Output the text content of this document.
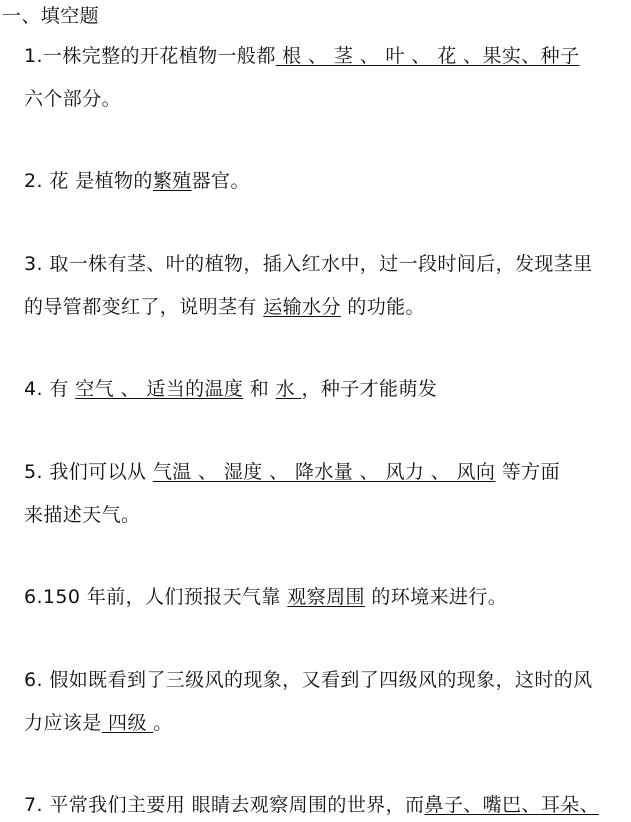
一、填空题
1.一株完整的开花植物一般都 根 、 茎 、 叶 、 花 、果实、种子
六个部分。
2. 花 是植物的繁殖器官。
3. 取一株有茎、叶的植物，插入红水中，过一段时间后，发现茎里
的导管都变红了，说明茎有 运输水分 的功能。
4. 有 空气 、 适当的温度 和 水 ，种子才能萌发
5. 我们可以从 气温 、 湿度 、 降水量 、 风力 、 风向 等方面
来描述天气。
6.150 年前，人们预报天气靠 观察周围 的环境来进行。
6. 假如既看到了三级风的现象，又看到了四级风的现象，这时的风
力应该是 四级 。
7. 平常我们主要用 眼睛去观察周围的世界，而鼻子、嘴巴、耳朵、
